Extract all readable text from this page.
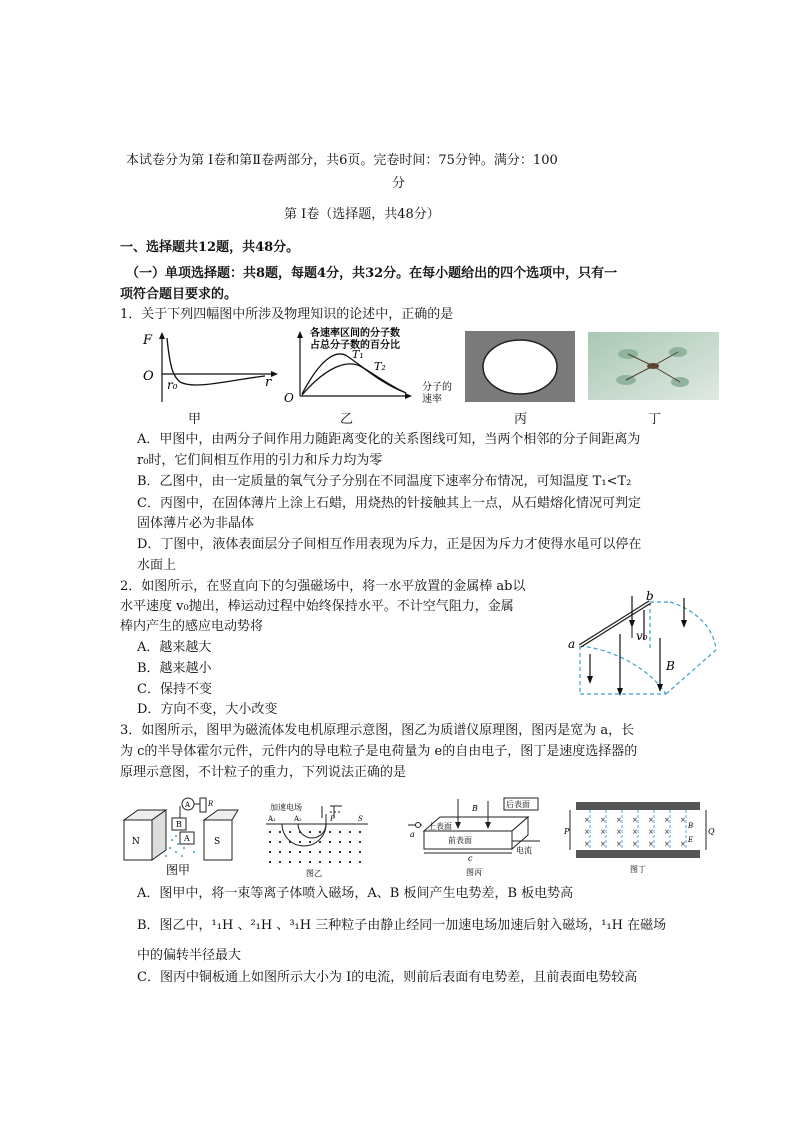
本试卷分为第 Ⅰ卷和第Ⅱ卷两部分，共6页。完卷时间：75分钟。满分：100
分
第 Ⅰ卷（选择题，共48分）
一、选择题共12题，共48分。
（一）单项选择题：共8题，每题4分，共32分。在每小题给出的四个选项中，只有一
项符合题目要求的。
1．关于下列四幅图中所涉及物理知识的论述中，正确的是
F
O	r
r₀
各速率区间的分子数
占总分子数的百分比
T₁
T₂
分子的
速率
O
甲	乙	丙	丁
A．甲图中，由两分子间作用力随距离变化的关系图线可知，当两个相邻的分子间距离为
r₀时，它们间相互作用的引力和斥力均为零
B．乙图中，由一定质量的氧气分子分别在不同温度下速率分布情况，可知温度 T₁<T₂
C．丙图中，在固体薄片上涂上石蜡，用烧热的针接触其上一点，从石蜡熔化情况可判定
固体薄片必为非晶体
D．丁图中，液体表面层分子间相互作用表现为斥力，正是因为斥力才使得水黾可以停在
水面上
2．如图所示，在竖直向下的匀强磁场中，将一水平放置的金属棒 ab以
水平速度 v₀抛出，棒运动过程中始终保持水平。不计空气阻力，金属
棒内产生的感应电动势将
A．越来越大
B．越来越小
C．保持不变
D．方向不变，大小改变
a
b
v₀
B
3．如图所示，图甲为磁流体发电机原理示意图，图乙为质谱仪原理图，图丙是宽为 a，长
为 c的半导体霍尔元件，元件内的导电粒子是电荷量为 e的自由电子，图丁是速度选择器的
原理示意图，不计粒子的重力，下列说法正确的是
N	S
B
A
A	R
图甲
加速电场
A₁	A₂	P	S
图乙
后表面
上表面
前表面
电流
B
a
c
图丙
× × × × × × ×
× × × × × ×
× × × × × × ×
P	Q
B
E
图丁
A．图甲中，将一束等离子体喷入磁场，A、B 板间产生电势差，B 板电势高
B．图乙中，¹₁H 、²₁H 、³₁H 三种粒子由静止经同一加速电场加速后射入磁场，¹₁H 在磁场
中的偏转半径最大
C．图丙中铜板通上如图所示大小为 I的电流，则前后表面有电势差，且前表面电势较高
